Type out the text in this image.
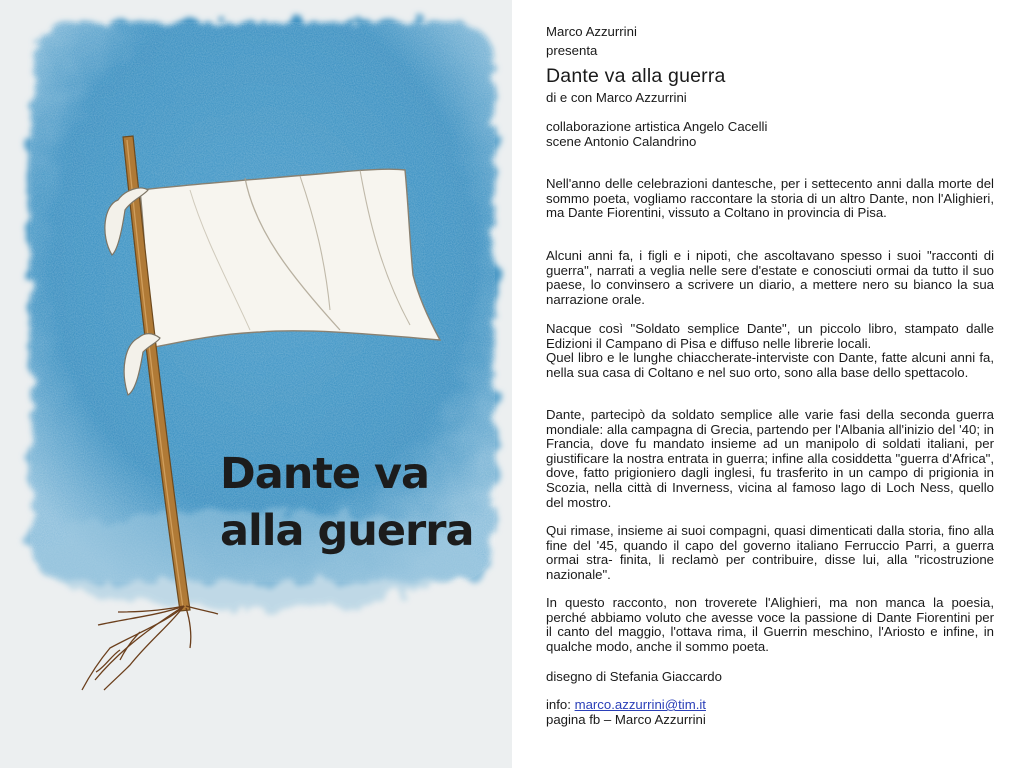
Dante va
alla guerra
Marco Azzurrini
presenta
Dante va alla guerra
di e con Marco Azzurrini
collaborazione artistica Angelo Cacelli
scene Antonio Calandrino
Nell'anno delle celebrazioni dantesche, per i settecento anni dalla morte del sommo poeta, vogliamo raccontare la storia di un altro Dante, non l'Alighieri, ma Dante Fiorentini, vissuto a Coltano in provincia di Pisa.
Alcuni anni fa, i figli e i nipoti, che ascoltavano spesso i suoi "racconti di guerra", narrati a veglia nelle sere d'estate e conosciuti ormai da tutto il suo paese, lo convinsero a scrivere un diario, a mettere nero su bianco la sua narrazione orale.
Nacque così "Soldato semplice Dante", un piccolo libro, stampato dalle Edizioni il Campano di Pisa e diffuso nelle librerie locali.
Quel libro e le lunghe chiaccherate-interviste con Dante, fatte alcuni anni fa, nella sua casa di Coltano e nel suo orto, sono alla base dello spettacolo.
Dante, partecipò da soldato semplice alle varie fasi della seconda guerra mondiale: alla campagna di Grecia, partendo per l'Albania all'inizio del '40; in Francia, dove fu mandato insieme ad un manipolo di soldati italiani, per giustificare la nostra entrata in guerra; infine alla cosiddetta "guerra d'Africa", dove, fatto prigioniero dagli inglesi, fu trasferito in un campo di prigionia in Scozia, nella città di Inverness, vicina al famoso lago di Loch Ness, quello del mostro.
Qui rimase, insieme ai suoi compagni, quasi dimenticati dalla storia, fino alla fine del '45, quando il capo del governo italiano Ferruccio Parri, a guerra ormai stra- finita, li reclamò per contribuire, disse lui, alla "ricostruzione nazionale".
In questo racconto, non troverete l'Alighieri, ma non manca la poesia, perché abbiamo voluto che avesse voce la passione di Dante Fiorentini per il canto del maggio, l'ottava rima, il Guerrin meschino, l'Ariosto e infine, in qualche modo, anche il sommo poeta.
disegno di Stefania Giaccardo
info: marco.azzurrini@tim.it
pagina fb – Marco Azzurrini
